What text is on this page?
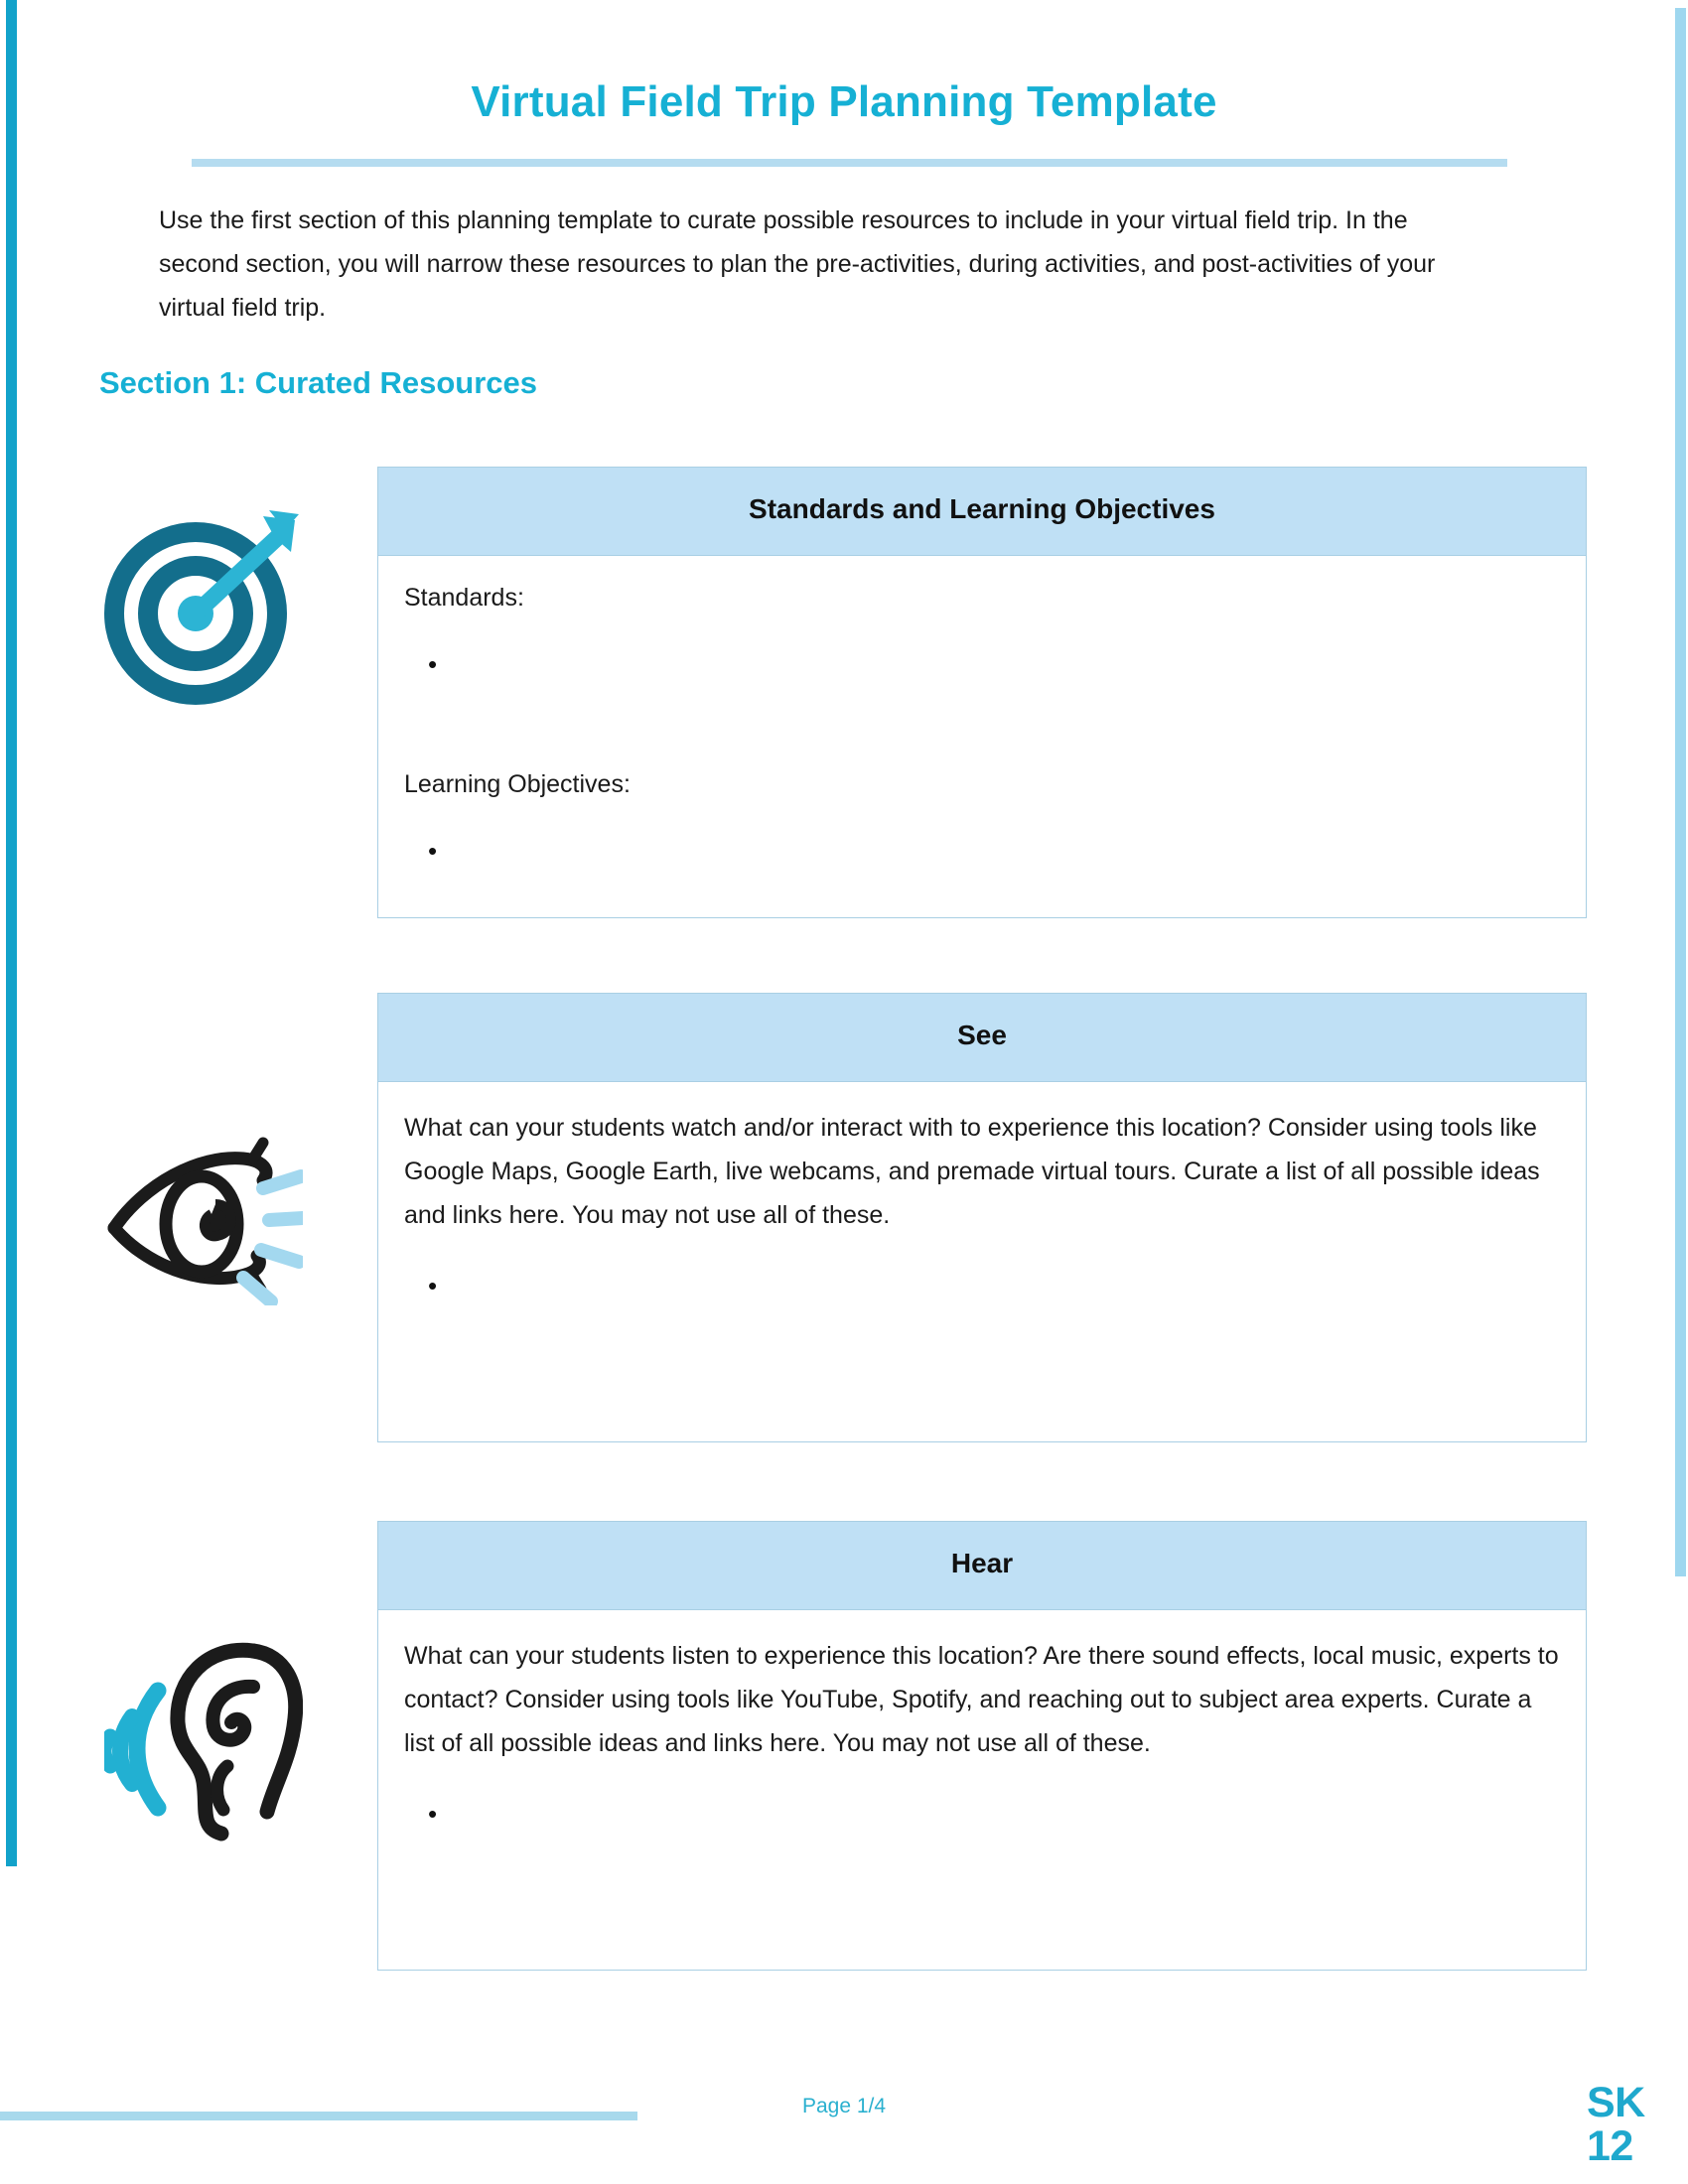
Virtual Field Trip Planning Template
Use the first section of this planning template to curate possible resources to include in your virtual field trip. In the second section, you will narrow these resources to plan the pre-activities, during activities, and post-activities of your virtual field trip.
Section 1: Curated Resources
Standards and Learning Objectives
Standards:
Learning Objectives:
See
What can your students watch and/or interact with to experience this location? Consider using tools like Google Maps, Google Earth, live webcams, and premade virtual tours. Curate a list of all possible ideas and links here. You may not use all of these.
Hear
What can your students listen to experience this location? Are there sound effects, local music, experts to contact? Consider using tools like YouTube, Spotify, and reaching out to subject area experts. Curate a list of all possible ideas and links here. You may not use all of these.
Page 1/4	SK
12
